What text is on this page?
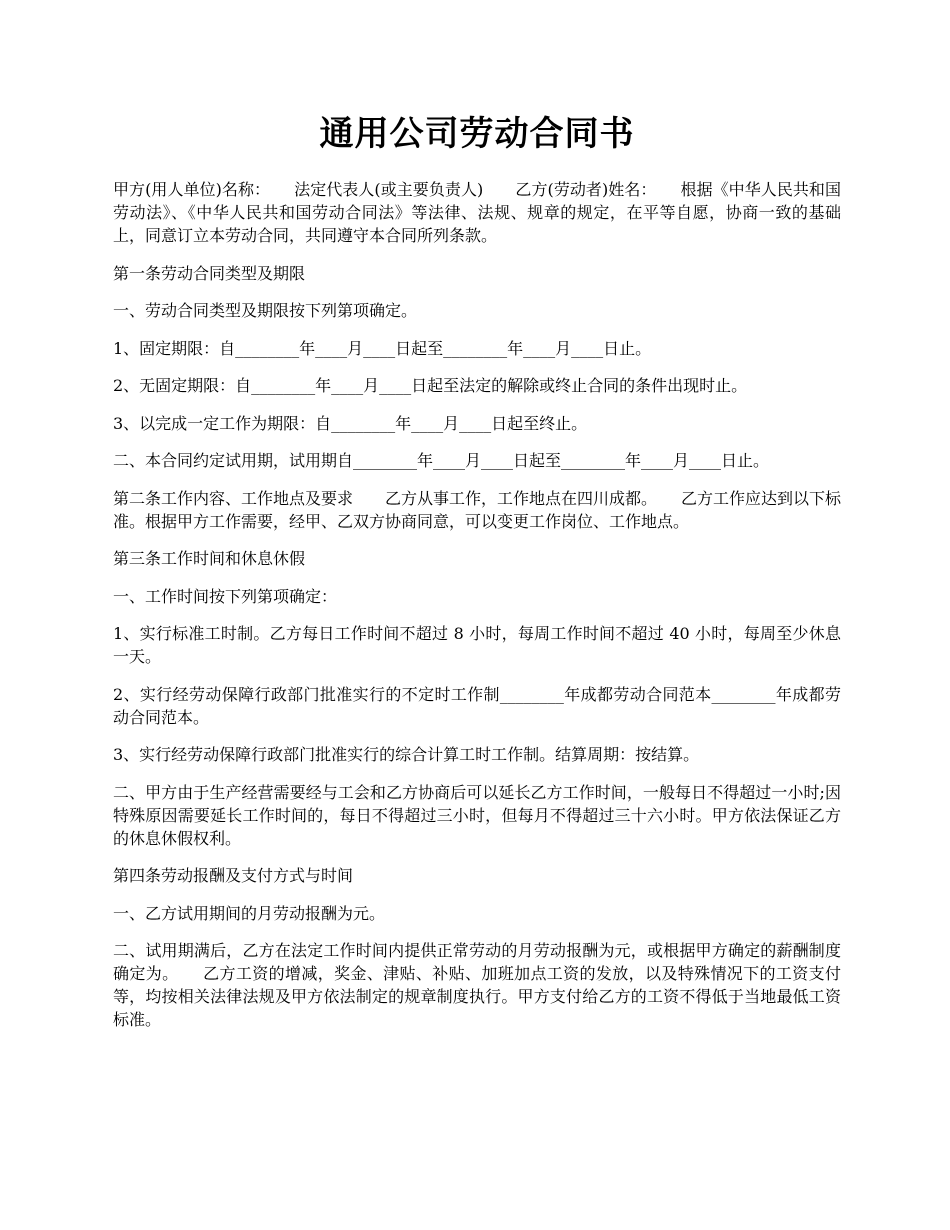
通用公司劳动合同书

甲方(用人单位)名称：　　法定代表人(或主要负责人)　　乙方(劳动者)姓名：　　根据《中华人民共和国劳动法》、《中华人民共和国劳动合同法》等法律、法规、规章的规定，在平等自愿，协商一致的基础上，同意订立本劳动合同，共同遵守本合同所列条款。

第一条劳动合同类型及期限

一、劳动合同类型及期限按下列第项确定。

1、固定期限：自________年____月____日起至________年____月____日止。

2、无固定期限：自________年____月____日起至法定的解除或终止合同的条件出现时止。

3、以完成一定工作为期限：自________年____月____日起至终止。

二、本合同约定试用期，试用期自________年____月____日起至________年____月____日止。

第二条工作内容、工作地点及要求　　乙方从事工作，工作地点在四川成都。　　乙方工作应达到以下标准。根据甲方工作需要，经甲、乙双方协商同意，可以变更工作岗位、工作地点。

第三条工作时间和休息休假

一、工作时间按下列第项确定：

1、实行标准工时制。乙方每日工作时间不超过 8 小时，每周工作时间不超过 40 小时，每周至少休息一天。

2、实行经劳动保障行政部门批准实行的不定时工作制________年成都劳动合同范本________年成都劳动合同范本。

3、实行经劳动保障行政部门批准实行的综合计算工时工作制。结算周期：按结算。

二、甲方由于生产经营需要经与工会和乙方协商后可以延长乙方工作时间，一般每日不得超过一小时;因特殊原因需要延长工作时间的，每日不得超过三小时，但每月不得超过三十六小时。甲方依法保证乙方的休息休假权利。

第四条劳动报酬及支付方式与时间

一、乙方试用期间的月劳动报酬为元。

二、试用期满后，乙方在法定工作时间内提供正常劳动的月劳动报酬为元，或根据甲方确定的薪酬制度确定为。　　乙方工资的增减，奖金、津贴、补贴、加班加点工资的发放，以及特殊情况下的工资支付等，均按相关法律法规及甲方依法制定的规章制度执行。甲方支付给乙方的工资不得低于当地最低工资标准。
